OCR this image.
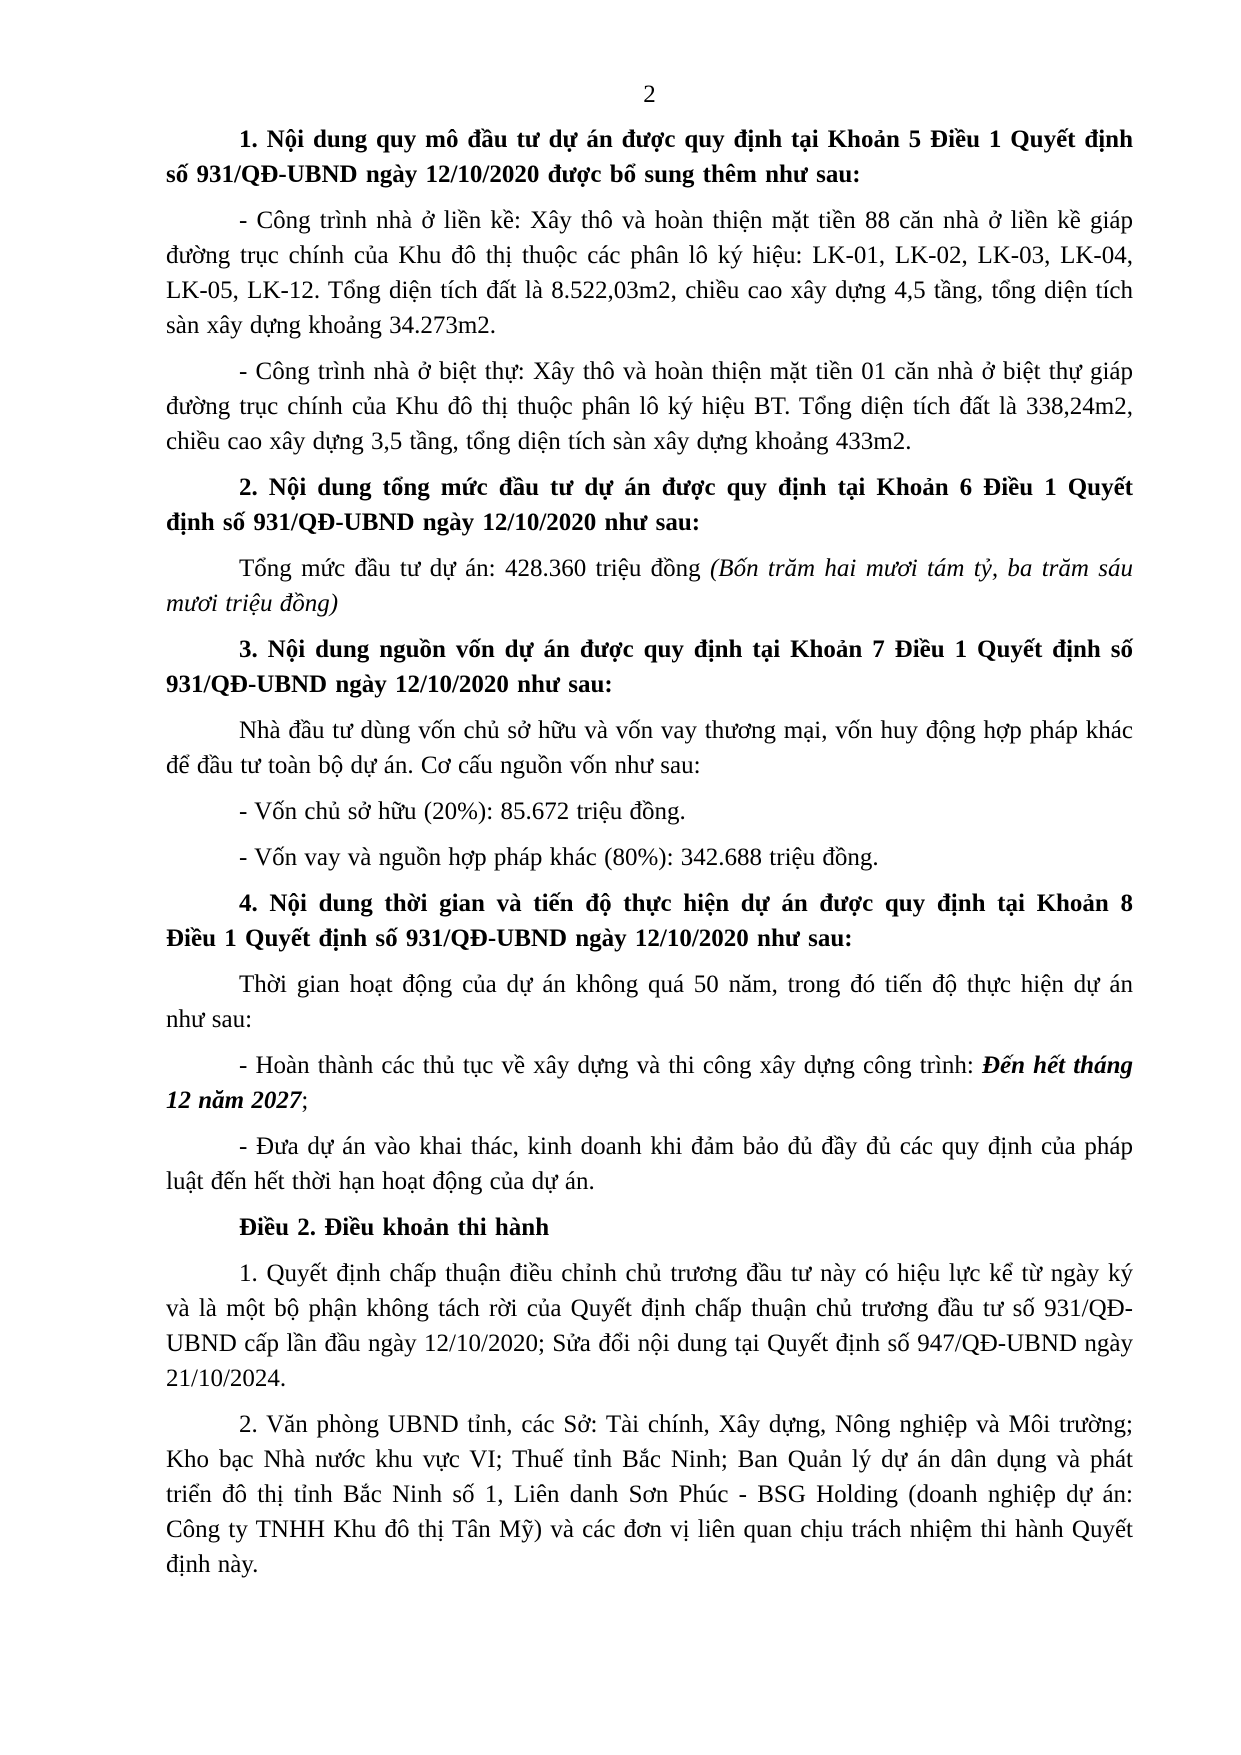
2

1. Nội dung quy mô đầu tư dự án được quy định tại Khoản 5 Điều 1 Quyết định số 931/QĐ-UBND ngày 12/10/2020 được bổ sung thêm như sau:

- Công trình nhà ở liền kề: Xây thô và hoàn thiện mặt tiền 88 căn nhà ở liền kề giáp đường trục chính của Khu đô thị thuộc các phân lô ký hiệu: LK-01, LK-02, LK-03, LK-04, LK-05, LK-12. Tổng diện tích đất là 8.522,03m2, chiều cao xây dựng 4,5 tầng, tổng diện tích sàn xây dựng khoảng 34.273m2.

- Công trình nhà ở biệt thự: Xây thô và hoàn thiện mặt tiền 01 căn nhà ở biệt thự giáp đường trục chính của Khu đô thị thuộc phân lô ký hiệu BT. Tổng diện tích đất là 338,24m2, chiều cao xây dựng 3,5 tầng, tổng diện tích sàn xây dựng khoảng 433m2.

2. Nội dung tổng mức đầu tư dự án được quy định tại Khoản 6 Điều 1 Quyết định số 931/QĐ-UBND ngày 12/10/2020 như sau:

Tổng mức đầu tư dự án: 428.360 triệu đồng (Bốn trăm hai mươi tám tỷ, ba trăm sáu mươi triệu đồng)

3. Nội dung nguồn vốn dự án được quy định tại Khoản 7 Điều 1 Quyết định số 931/QĐ-UBND ngày 12/10/2020 như sau:

Nhà đầu tư dùng vốn chủ sở hữu và vốn vay thương mại, vốn huy động hợp pháp khác để đầu tư toàn bộ dự án. Cơ cấu nguồn vốn như sau:

- Vốn chủ sở hữu (20%): 85.672 triệu đồng.

- Vốn vay và nguồn hợp pháp khác (80%): 342.688 triệu đồng.

4. Nội dung thời gian và tiến độ thực hiện dự án được quy định tại Khoản 8 Điều 1 Quyết định số 931/QĐ-UBND ngày 12/10/2020 như sau:

Thời gian hoạt động của dự án không quá 50 năm, trong đó tiến độ thực hiện dự án như sau:

- Hoàn thành các thủ tục về xây dựng và thi công xây dựng công trình: Đến hết tháng 12 năm 2027;

- Đưa dự án vào khai thác, kinh doanh khi đảm bảo đủ đầy đủ các quy định của pháp luật đến hết thời hạn hoạt động của dự án.

Điều 2. Điều khoản thi hành

1. Quyết định chấp thuận điều chỉnh chủ trương đầu tư này có hiệu lực kể từ ngày ký và là một bộ phận không tách rời của Quyết định chấp thuận chủ trương đầu tư số 931/QĐ-UBND cấp lần đầu ngày 12/10/2020; Sửa đổi nội dung tại Quyết định số 947/QĐ-UBND ngày 21/10/2024.

2. Văn phòng UBND tỉnh, các Sở: Tài chính, Xây dựng, Nông nghiệp và Môi trường; Kho bạc Nhà nước khu vực VI; Thuế tỉnh Bắc Ninh; Ban Quản lý dự án dân dụng và phát triển đô thị tỉnh Bắc Ninh số 1, Liên danh Sơn Phúc - BSG Holding (doanh nghiệp dự án: Công ty TNHH Khu đô thị Tân Mỹ) và các đơn vị liên quan chịu trách nhiệm thi hành Quyết định này.
